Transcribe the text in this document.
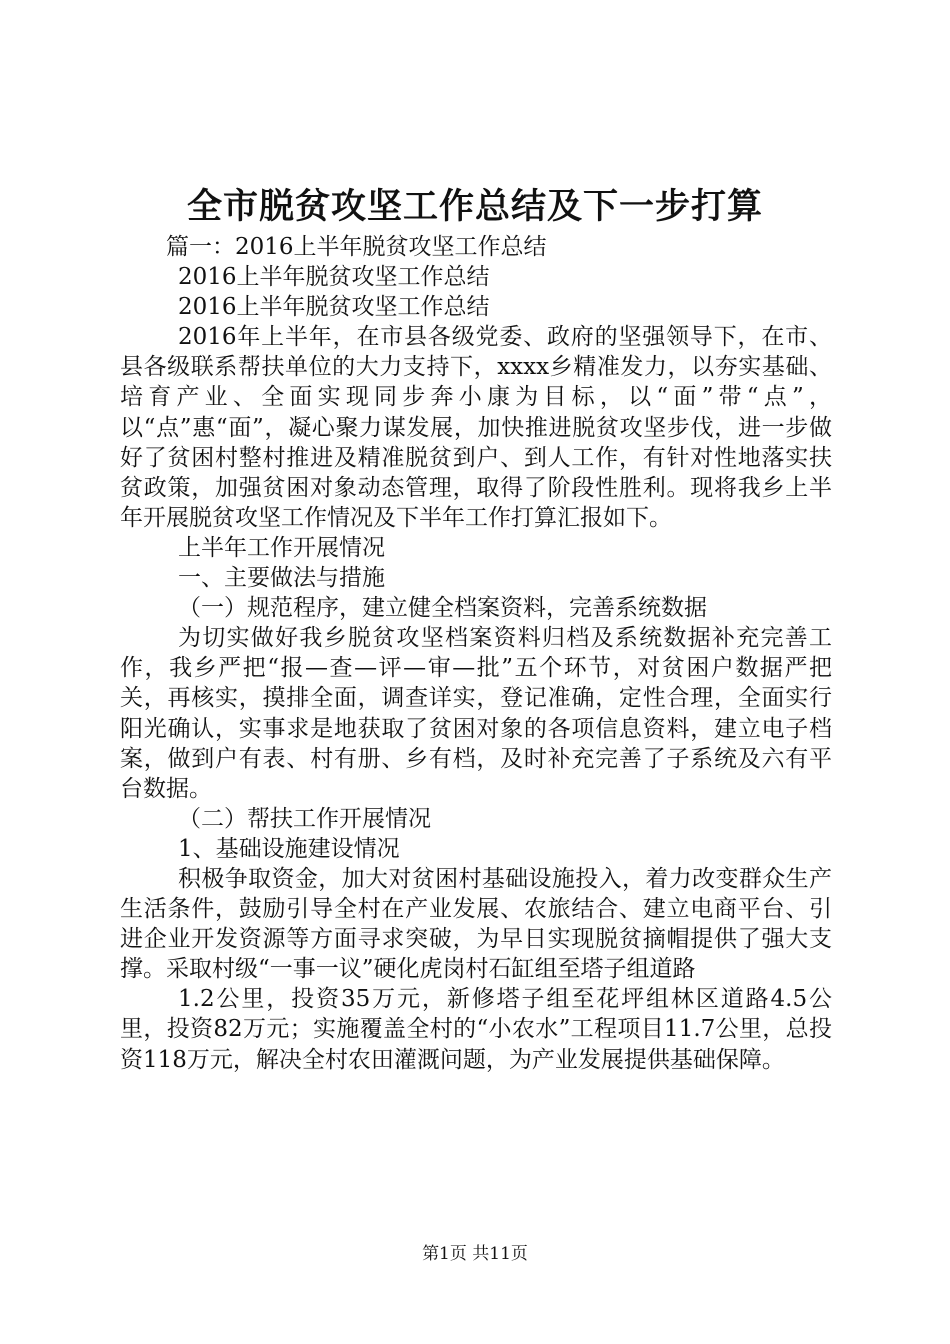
全市脱贫攻坚工作总结及下一步打算

篇一：2016上半年脱贫攻坚工作总结

2016上半年脱贫攻坚工作总结

2016上半年脱贫攻坚工作总结

2016年上半年，在市县各级党委、政府的坚强领导下，在市、县各级联系帮扶单位的大力支持下，xxxx乡精准发力，以夯实基础、培育产业、全面实现同步奔小康为目标，以“面”带“点”，以“点”惠“面”，凝心聚力谋发展，加快推进脱贫攻坚步伐，进一步做好了贫困村整村推进及精准脱贫到户、到人工作，有针对性地落实扶贫政策，加强贫困对象动态管理，取得了阶段性胜利。现将我乡上半年开展脱贫攻坚工作情况及下半年工作打算汇报如下。

上半年工作开展情况

一、主要做法与措施

（一）规范程序，建立健全档案资料，完善系统数据

为切实做好我乡脱贫攻坚档案资料归档及系统数据补充完善工作，我乡严把“报—查—评—审—批”五个环节，对贫困户数据严把关，再核实，摸排全面，调查详实，登记准确，定性合理，全面实行阳光确认，实事求是地获取了贫困对象的各项信息资料，建立电子档案，做到户有表、村有册、乡有档，及时补充完善了子系统及六有平台数据。

（二）帮扶工作开展情况

1、基础设施建设情况

积极争取资金，加大对贫困村基础设施投入，着力改变群众生产生活条件，鼓励引导全村在产业发展、农旅结合、建立电商平台、引进企业开发资源等方面寻求突破，为早日实现脱贫摘帽提供了强大支撑。采取村级“一事一议”硬化虎岗村石缸组至塔子组道路

1.2公里，投资35万元，新修塔子组至花坪组林区道路4.5公里，投资82万元；实施覆盖全村的“小农水”工程项目11.7公里，总投资118万元，解决全村农田灌溉问题，为产业发展提供基础保障。

第1页 共11页
